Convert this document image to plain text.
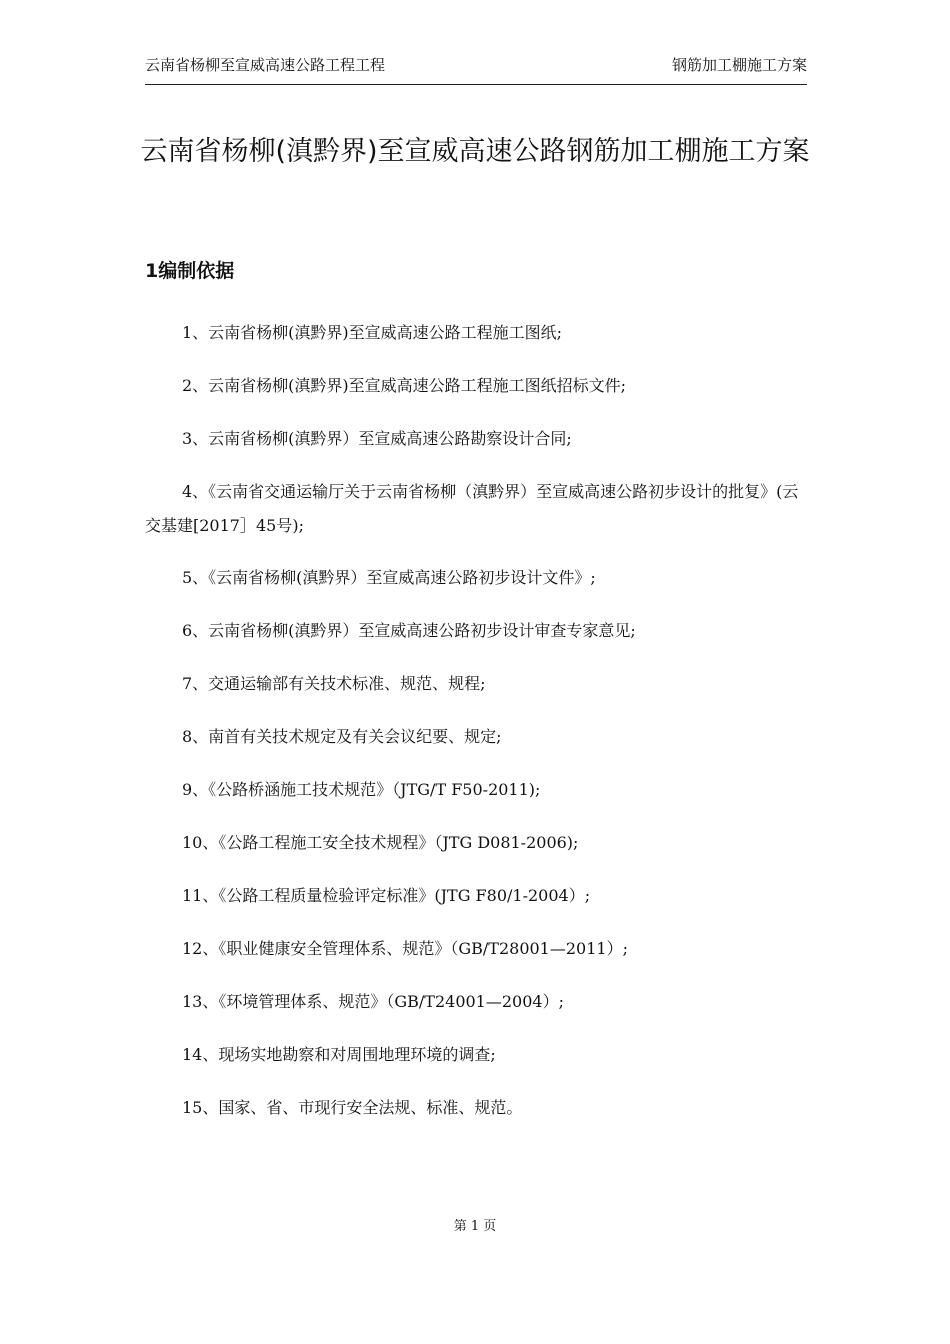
云南省杨柳至宣威高速公路工程工程	钢筋加工棚施工方案
云南省杨柳(滇黔界)至宣威高速公路钢筋加工棚施工方案
1编制依据
1、云南省杨柳(滇黔界)至宣威高速公路工程施工图纸;
2、云南省杨柳(滇黔界)至宣威高速公路工程施工图纸招标文件;
3、云南省杨柳(滇黔界）至宣威高速公路勘察设计合同;
4、《云南省交通运输厅关于云南省杨柳（滇黔界）至宣威高速公路初步设计的批复》(云交基建[2017］45号);
5、《云南省杨柳(滇黔界）至宣威高速公路初步设计文件》;
6、云南省杨柳(滇黔界）至宣威高速公路初步设计审查专家意见;
7、交通运输部有关技术标准、规范、规程;
8、南首有关技术规定及有关会议纪要、规定;
9、《公路桥涵施工技术规范》（JTG/T F50-2011);
10、《公路工程施工安全技术规程》（JTG D081-2006);
11、《公路工程质量检验评定标准》(JTG F80/1-2004）;
12、《职业健康安全管理体系、规范》（GB/T28001—2011）;
13、《环境管理体系、规范》（GB/T24001—2004）;
14、现场实地勘察和对周围地理环境的调查;
15、国家、省、市现行安全法规、标准、规范。
第 1 页
